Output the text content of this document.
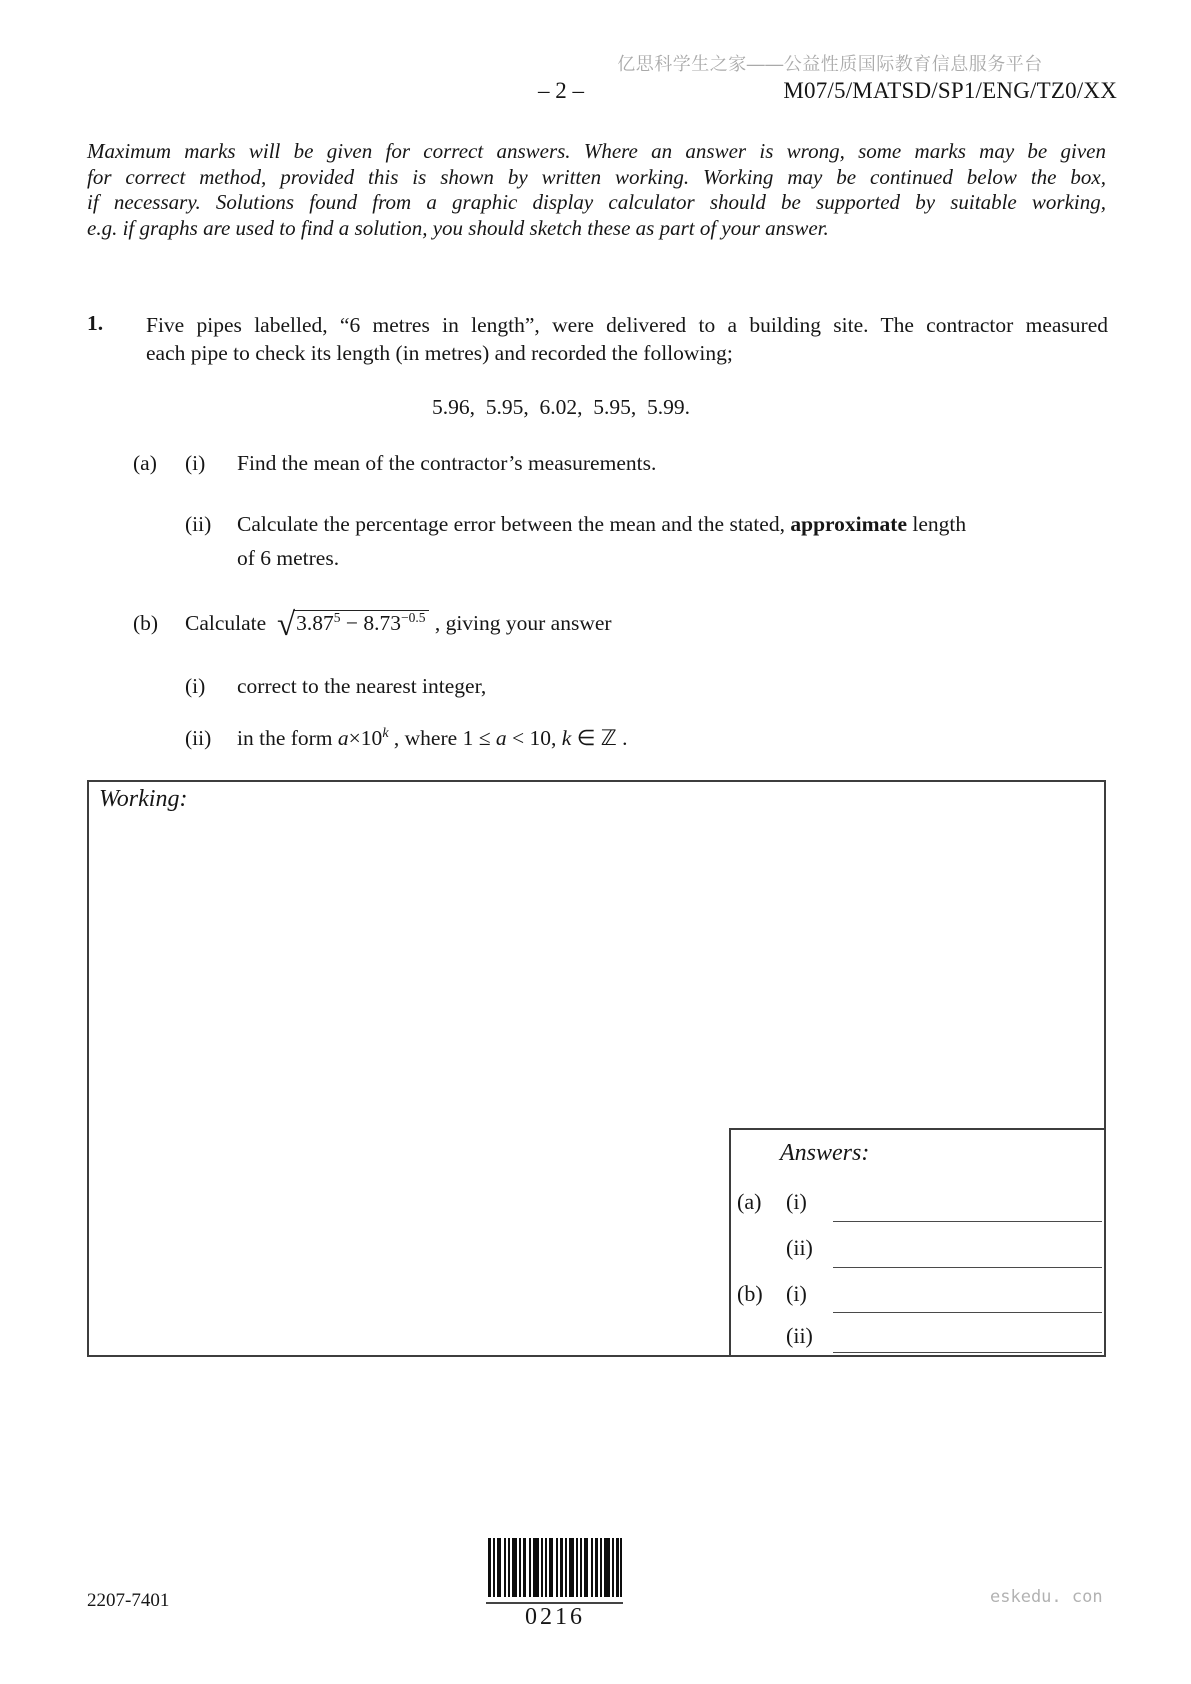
亿思科学生之家——公益性质国际教育信息服务平台
– 2 –	M07/5/MATSD/SP1/ENG/TZ0/XX
Maximum marks will be given for correct answers. Where an answer is wrong, some marks may be given
for correct method, provided this is shown by written working. Working may be continued below the box,
if necessary. Solutions found from a graphic display calculator should be supported by suitable working,
e.g. if graphs are used to find a solution, you should sketch these as part of your answer.
1. Five pipes labelled, “6 metres in length”, were delivered to a building site. The contractor measured
each pipe to check its length (in metres) and recorded the following;
5.96,  5.95,  6.02,  5.95,  5.99.
(a) (i) Find the mean of the contractor’s measurements.
(ii) Calculate the percentage error between the mean and the stated, approximate length
of 6 metres.
(b) Calculate √ $3.87^5 - 8.73^{-0.5}$ , giving your answer
(i) correct to the nearest integer,
(ii) in the form $a\times 10^k$ , where 1 ≤ a < 10, k ∈ ℤ .
Working:
Answers:
(a) (i)
(ii)
(b) (i)
(ii)
2207-7401
0216
eskedu. con
